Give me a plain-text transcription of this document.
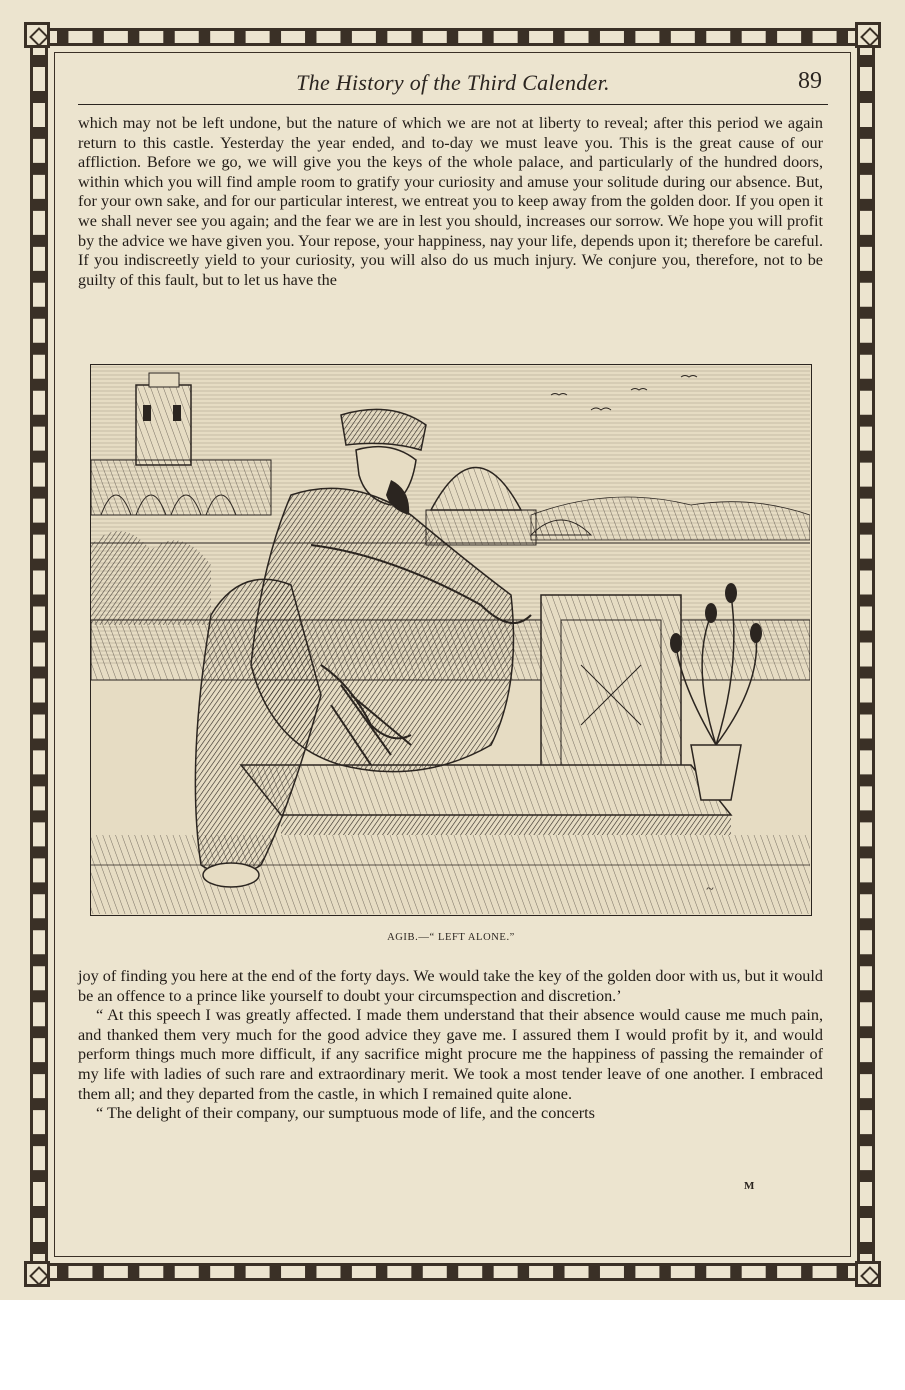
The History of the Third Calender.	89

which may not be left undone, but the nature of which we are not at liberty to reveal; after this period we again return to this castle. Yesterday the year ended, and to-day we must leave you. This is the great cause of our affliction. Before we go, we will give you the keys of the whole palace, and particularly of the hundred doors, within which you will find ample room to gratify your curiosity and amuse your solitude during our absence. But, for your own sake, and for our particular interest, we entreat you to keep away from the golden door. If you open it we shall never see you again; and the fear we are in lest you should, increases our sorrow. We hope you will profit by the advice we have given you. Your repose, your happiness, nay your life, depends upon it; therefore be careful. If you indiscreetly yield to your curiosity, you will also do us much injury. We conjure you, therefore, not to be guilty of this fault, but to let us have the

~
AGIB.—“ LEFT ALONE.”

joy of finding you here at the end of the forty days. We would take the key of the golden door with us, but it would be an offence to a prince like yourself to doubt your circumspection and discretion.’

“ At this speech I was greatly affected. I made them understand that their absence would cause me much pain, and thanked them very much for the good advice they gave me. I assured them I would profit by it, and would perform things much more difficult, if any sacrifice might procure me the happiness of passing the remainder of my life with ladies of such rare and extraordinary merit. We took a most tender leave of one another. I embraced them all; and they departed from the castle, in which I remained quite alone.

“ The delight of their company, our sumptuous mode of life, and the concerts

M
